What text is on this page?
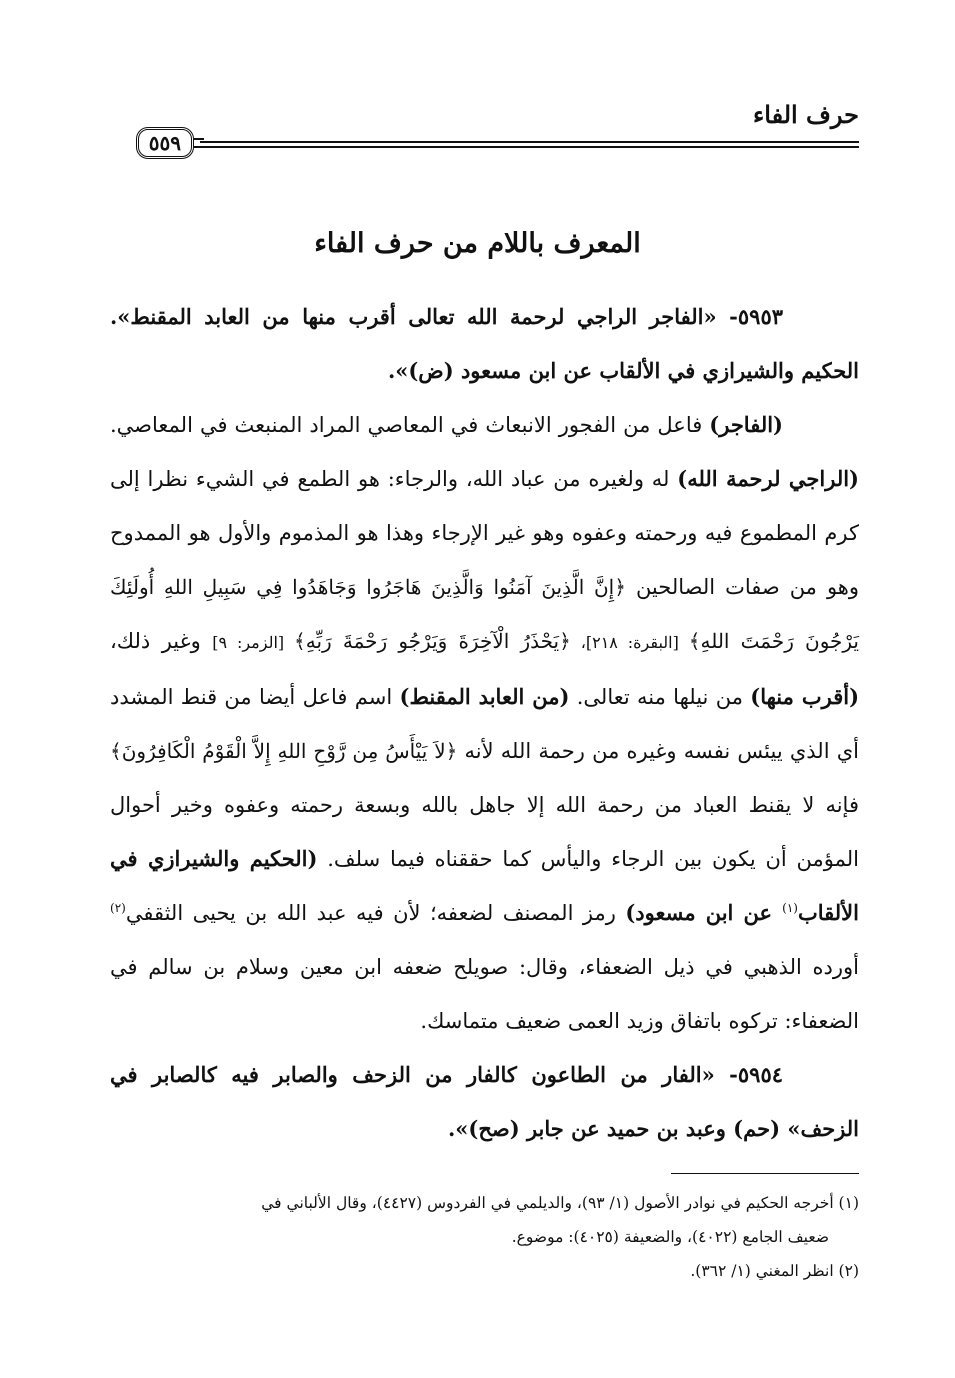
حرف الفاء
٥٥٩
المعرف باللام من حرف الفاء

٥٩٥٣- «الفاجر الراجي لرحمة الله تعالى أقرب منها من العابد المقنط». الحكيم والشيرازي في الألقاب عن ابن مسعود (ض)».

(الفاجر) فاعل من الفجور الانبعاث في المعاصي المراد المنبعث في المعاصي. (الراجي لرحمة الله) له ولغيره من عباد الله، والرجاء: هو الطمع في الشيء نظرا إلى كرم المطموع فيه ورحمته وعفوه وهو غير الإرجاء وهذا هو المذموم والأول هو الممدوح وهو من صفات الصالحين ﴿إِنَّ الَّذِينَ آمَنُوا وَالَّذِينَ هَاجَرُوا وَجَاهَدُوا فِي سَبِيلِ اللهِ أُولَئِكَ يَرْجُونَ رَحْمَتَ اللهِ﴾ [البقرة: ٢١٨]، ﴿يَحْذَرُ الْآخِرَةَ وَيَرْجُو رَحْمَةَ رَبِّهِ﴾ [الزمر: ٩] وغير ذلك، (أقرب منها) من نيلها منه تعالى. (من العابد المقنط) اسم فاعل أيضا من قنط المشدد أي الذي ييئس نفسه وغيره من رحمة الله لأنه ﴿لاَ يَيْأَسُ مِن رَّوْحِ اللهِ إِلاَّ الْقَوْمُ الْكَافِرُونَ﴾ فإنه لا يقنط العباد من رحمة الله إلا جاهل بالله وبسعة رحمته وعفوه وخير أحوال المؤمن أن يكون بين الرجاء واليأس كما حققناه فيما سلف. (الحكيم والشيرازي في الألقاب$^{(١)}$ عن ابن مسعود) رمز المصنف لضعفه؛ لأن فيه عبد الله بن يحيى الثقفي$^{(٢)}$ أورده الذهبي في ذيل الضعفاء، وقال: صويلح ضعفه ابن معين وسلام بن سالم في الضعفاء: تركوه باتفاق وزيد العمى ضعيف متماسك.

٥٩٥٤- «الفار من الطاعون كالفار من الزحف والصابر فيه كالصابر في الزحف» (حم) وعبد بن حميد عن جابر (صح)».

(١) أخرجه الحكيم في نوادر الأصول (١/ ٩٣)، والديلمي في الفردوس (٤٤٢٧)، وقال الألباني في

ضعيف الجامع (٤٠٢٢)، والضعيفة (٤٠٢٥): موضوع.

(٢) انظر المغني (١/ ٣٦٢).
